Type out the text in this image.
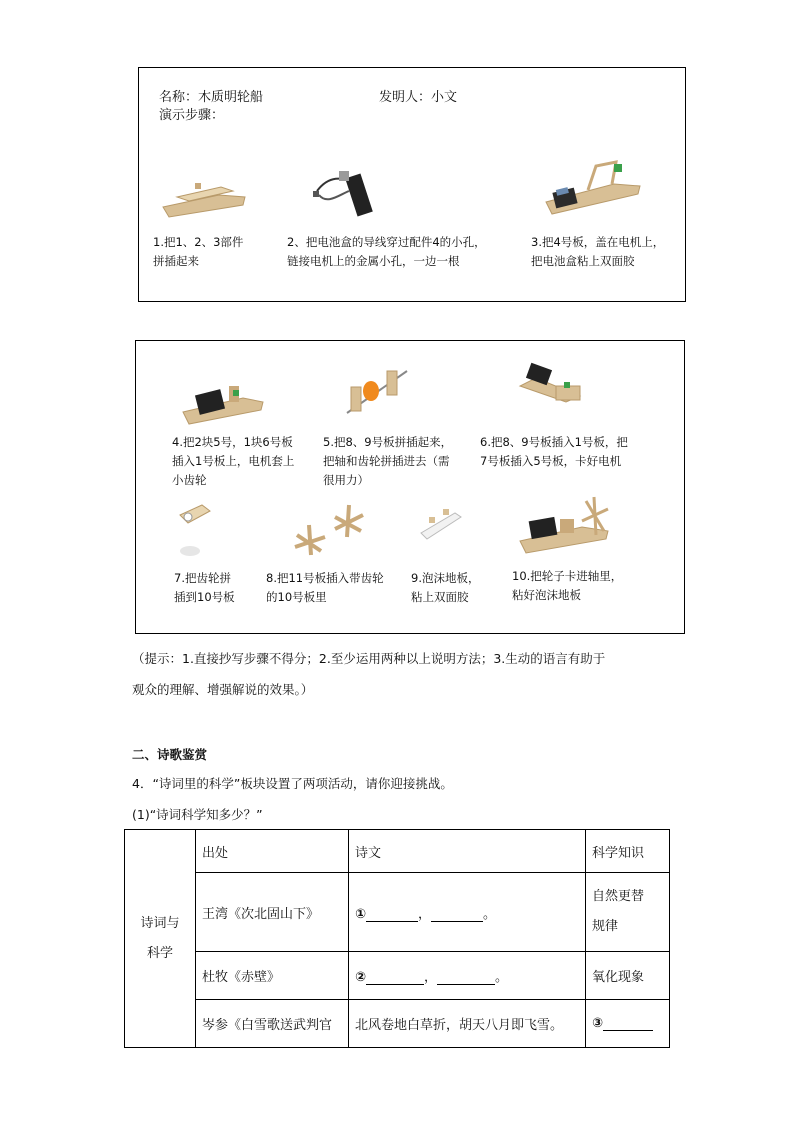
名称：木质明轮船	发明人：小文
演示步骤：
1.把1、2、3部件
拼插起来
2、把电池盒的导线穿过配件4的小孔，
链接电机上的金属小孔，一边一根
3.把4号板，盖在电机上，
把电池盒粘上双面胶
4.把2块5号，1块6号板
插入1号板上，电机套上
小齿轮
5.把8、9号板拼插起来，
把轴和齿轮拼插进去（需
很用力）
6.把8、9号板插入1号板，把
7号板插入5号板，卡好电机
7.把齿轮拼
插到10号板
8.把11号板插入带齿轮
的10号板里
9.泡沫地板，
粘上双面胶
10.把轮子卡进轴里，
粘好泡沫地板
（提示：1.直接抄写步骤不得分；2.至少运用两种以上说明方法；3.生动的语言有助于
观众的理解、增强解说的效果。）
二、诗歌鉴赏
4．“诗词里的科学”板块设置了两项活动，请你迎接挑战。
(1)“诗词科学知多少？”
诗词与科学	出处	诗文	科学知识
	王湾《次北固山下》	① ， 。	自然更替规律
	杜牧《赤壁》	② ， 。	氧化现象
	岑参《白雪歌送武判官	北风卷地白草折，胡天八月即飞雪。	③
